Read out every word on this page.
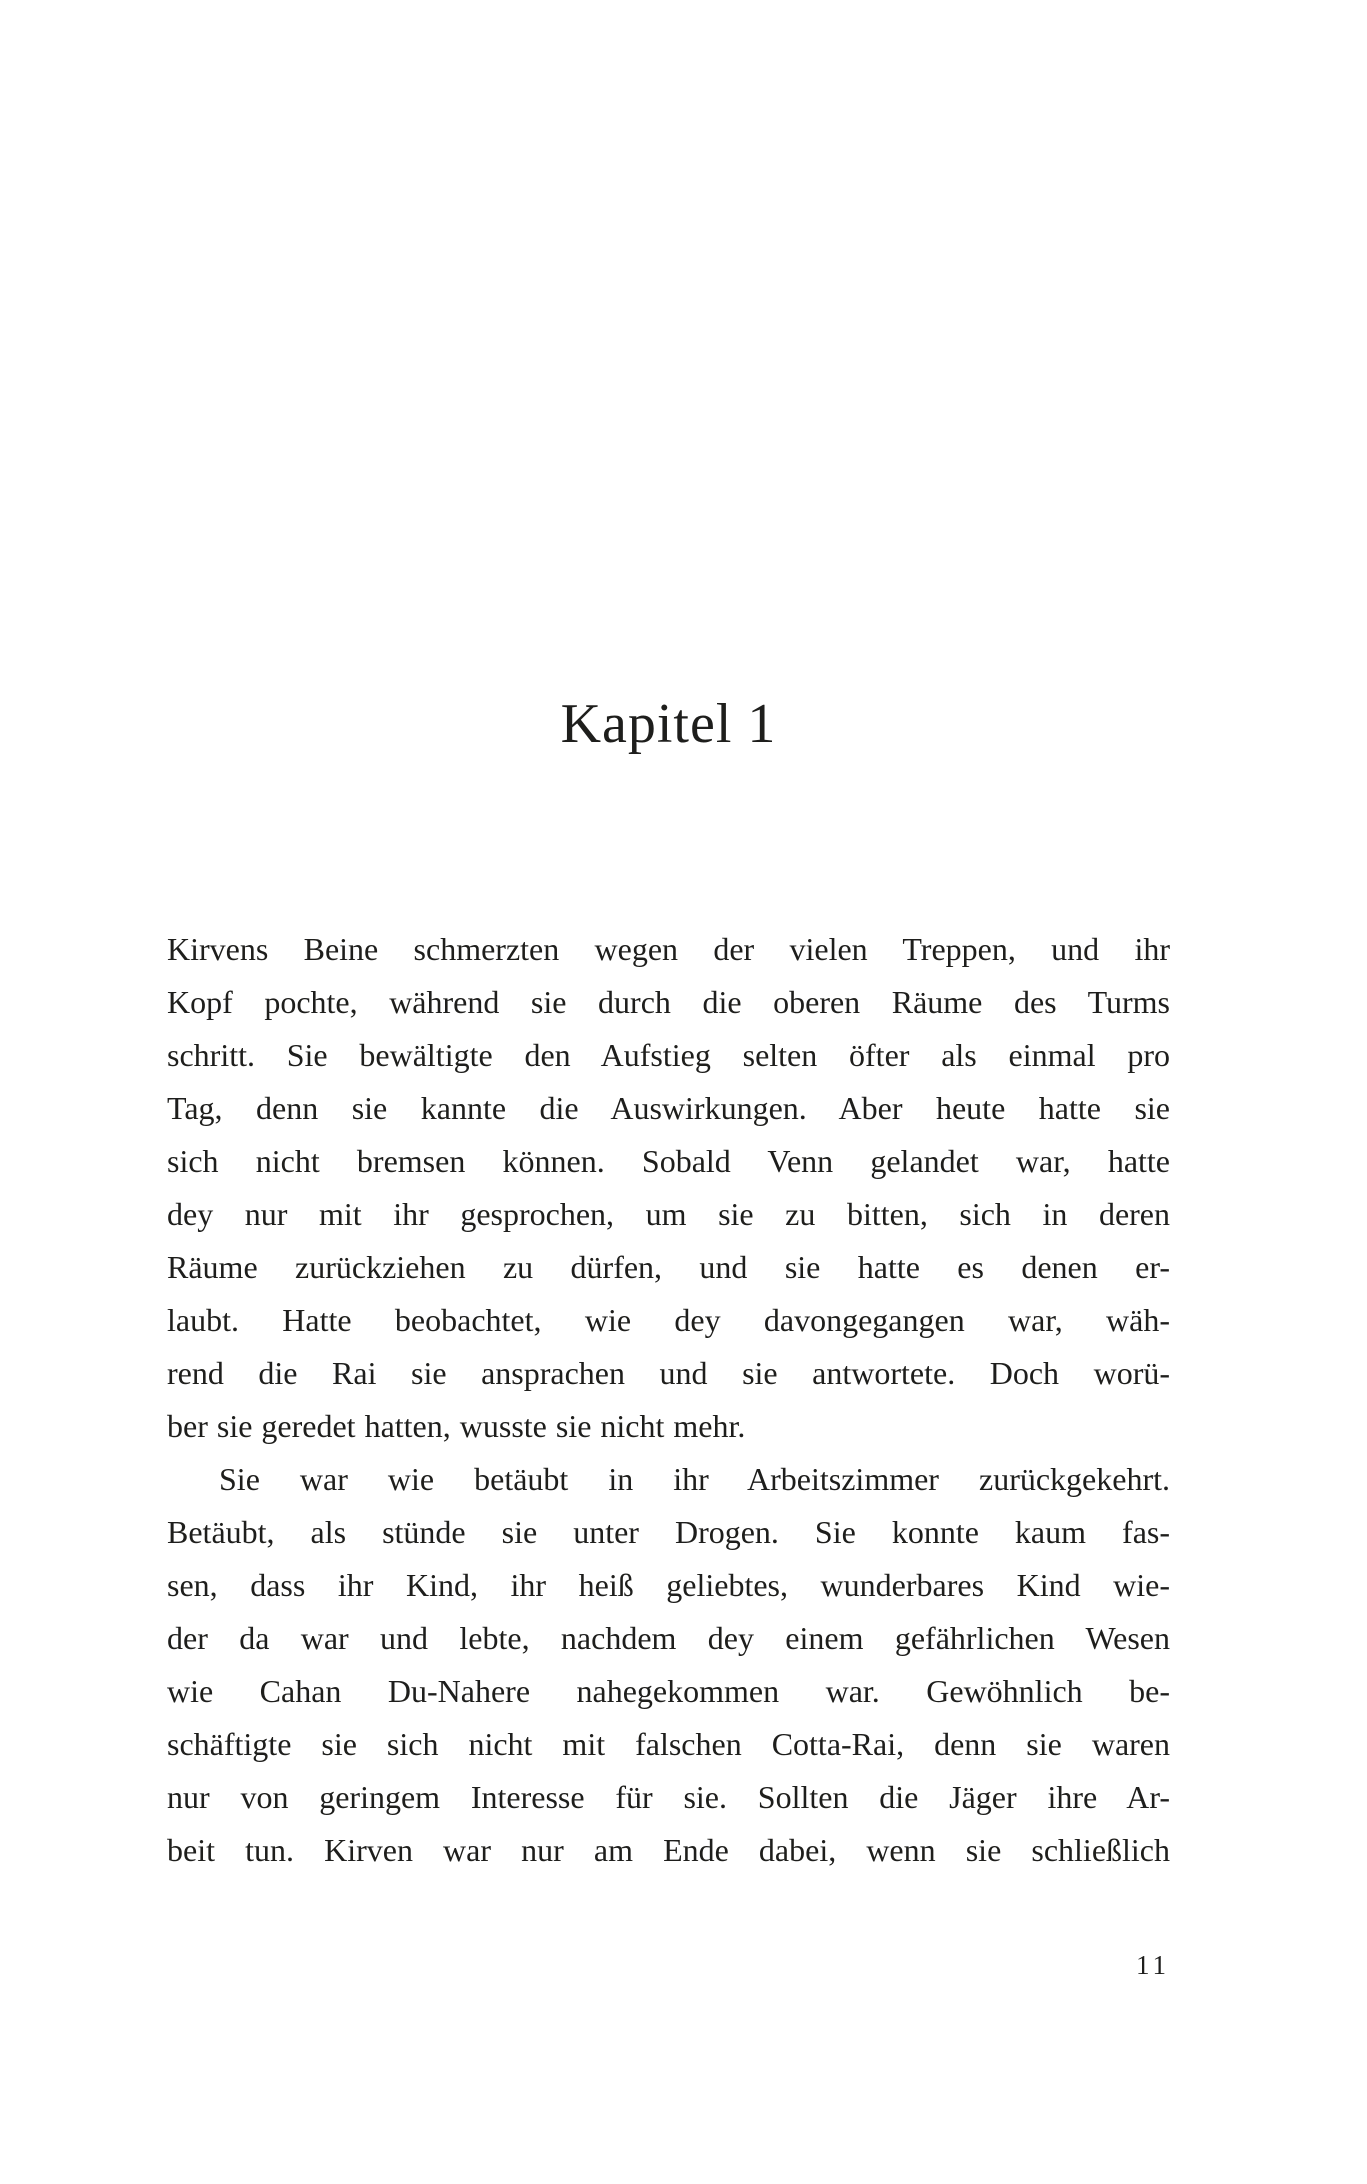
Kapitel 1
Kirvens Beine schmerzten wegen der vielen Treppen, und ihr
Kopf pochte, während sie durch die oberen Räume des Turms
schritt. Sie bewältigte den Aufstieg selten öfter als einmal pro
Tag, denn sie kannte die Auswirkungen. Aber heute hatte sie
sich nicht bremsen können. Sobald Venn gelandet war, hatte
dey nur mit ihr gesprochen, um sie zu bitten, sich in deren
Räume zurückziehen zu dürfen, und sie hatte es denen er-
laubt. Hatte beobachtet, wie dey davongegangen war, wäh-
rend die Rai sie ansprachen und sie antwortete. Doch worü-
ber sie geredet hatten, wusste sie nicht mehr.
Sie war wie betäubt in ihr Arbeitszimmer zurückgekehrt.
Betäubt, als stünde sie unter Drogen. Sie konnte kaum fas-
sen, dass ihr Kind, ihr heiß geliebtes, wunderbares Kind wie-
der da war und lebte, nachdem dey einem gefährlichen Wesen
wie Cahan Du-Nahere nahegekommen war. Gewöhnlich be-
schäftigte sie sich nicht mit falschen Cotta-Rai, denn sie waren
nur von geringem Interesse für sie. Sollten die Jäger ihre Ar-
beit tun. Kirven war nur am Ende dabei, wenn sie schließlich
11
